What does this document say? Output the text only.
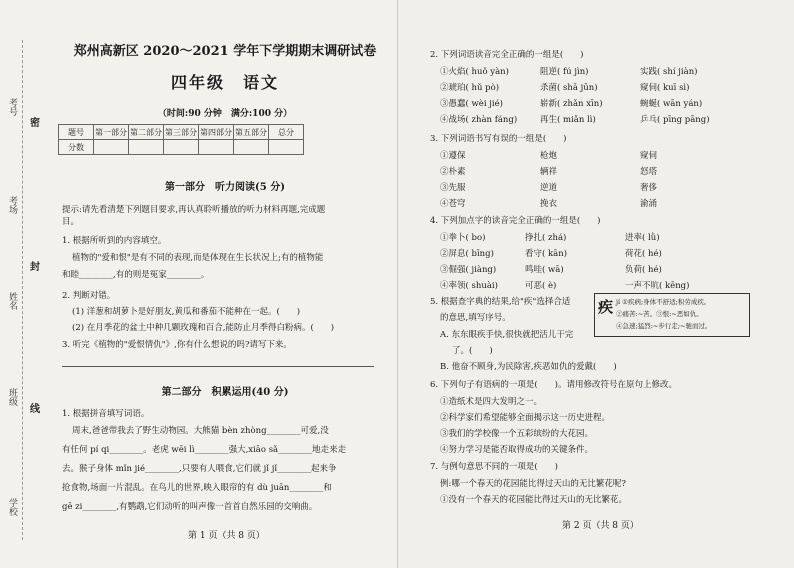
考号
密
考场
封
姓名
班级
线
学校
郑州高新区 2020～2021 学年下学期期末调研试卷
四年级　语文
（时间:90 分钟　满分:100 分）
题号	第一部分	第二部分	第三部分	第四部分	第五部分	总分
分数						
第一部分　听力阅读(5 分)
提示:请先看清楚下列题目要求,再认真聆听播放的听力材料再题,完成题
目。
1. 根据所听到的内容填空。
植物的"爱和恨"是有不同的表现,而是体现在生长状况上;有的植物能
和睦________,有的则是冤家________。
2. 判断对错。
(1) 洋葱和胡萝卜是好朋友,黄瓜和番茄不能种在一起。(　　)
(2) 在月季花的盆土中种几颗玫瑰和百合,能防止月季得白粉病。(　　)
3. 听完《植物的"爱恨情仇"》,你有什么想说的吗?请写下来。
第二部分　积累运用(40 分)
1. 根据拼音填写词语。
周末,爸爸带我去了野生动物园。大熊猫 bèn zhòng________可爱,没
有任何 pí qi________。老虎 wēi lì________强大,xiāo sǎ________地走来走
去。猴子身体 mǐn jié________,只要有人喂食,它们就 jǐ jǐ________起来争
抢食物,场面一片混乱。在鸟儿的世界,映入眼帘的有 dù juān________和
gē zi________,有鹦鹉,它们动听的叫声像一首首自然乐园的交响曲。
第 1 页（共 8 页）
2. 下列词语读音完全正确的一组是(　　)
①火焰( huǒ yàn)	阻逆( fú jìn)	实践( shí jiàn)
②琥珀( hǔ pò)	杀菌( shā jūn)	窥伺( kuī sì)
③愚蠢( wèi jié)	崭新( zhǎn xīn)	蜿蜒( wān yán)
④战场( zhàn fáng)	再生( miǎn lì)	乒乓( pīng pāng)
3. 下列词语书写有误的一组是(　　)
①遵保	枪炮	窥伺
②朴素	辆祥	怒塔
③先服	逆道	奢侈
④苍穹	挽衣	渝涌
4. 下列加点字的读音完全正确的一组是(　　)
①拳卜( bo)	挣扎( zhá)	进率( lǜ)
②屏息( bīng)	看守( kān)	荷花( hé)
③倔强( jiàng)	鸣哇( wā)	负荷( hé)
④率领( shuài)	可恶( è)	一声不吭( kēng)
5. 根据查字典的结果,给"疾"选择合适
的意思,填写序号。
A. 东东眼疾手快,很快就把活儿干完
了。(　　)
B. 他奋不顾身,为民除害,疾恶如仇的爱戴(　　)
疾 jí ①疾病;身体不舒适;积劳成疾。
②痛苦:~苦。③恨:~恶如仇。
④急速;猛烈:~步行走;~驰而过。
6. 下列句子有语病的一项是(　　)。请用修改符号在原句上修改。
①造纸术是四大发明之一。
②科学家们希望能够全面揭示这一历史进程。
③我们的学校像一个五彩缤纷的大花园。
④努力学习是能否取得成功的关键条件。
7. 与例句意思不同的一项是(　　)
例:哪一个春天的花园能比得过天山的无比繁花呢?
①没有一个春天的花园能比得过天山的无比繁花。
第 2 页（共 8 页）
